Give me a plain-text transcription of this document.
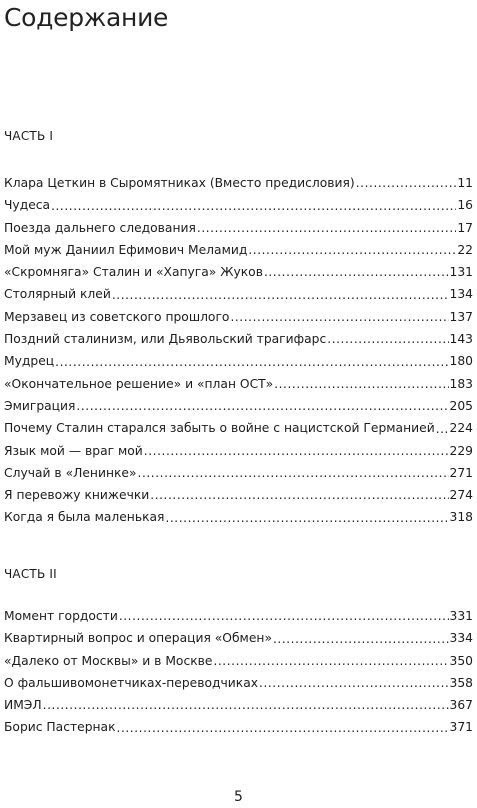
Содержание
ЧАСТЬ I
Клара Цеткин в Сыромятниках (Вместо предисловия) . . .	11
Чудеса . . .	16
Поезда дальнего следования . . .	17
Мой муж Даниил Ефимович Меламид . . .	22
«Скромняга» Сталин и «Хапуга» Жуков . . .	131
Столярный клей . . .	134
Мерзавец из советского прошлого . . .	137
Поздний сталинизм, или Дьявольский трагифарс . . .	143
Мудрец . . .	180
«Окончательное решение» и «план ОСТ» . . .	183
Эмиграция . . .	205
Почему Сталин старался забыть о войне с нацистской Германией . . . 224
Язык мой — враг мой . . .	229
Случай в «Ленинке» . . .	271
Я перевожу книжечки . . .	274
Когда я была маленькая . . .	318
ЧАСТЬ II
Момент гордости . . .	331
Квартирный вопрос и операция «Обмен» . . .	334
«Далеко от Москвы» и в Москве . . .	350
О фальшивомонетчиках-переводчиках . . .	358
ИМЭЛ . . .	367
Борис Пастернак . . .	371
5
